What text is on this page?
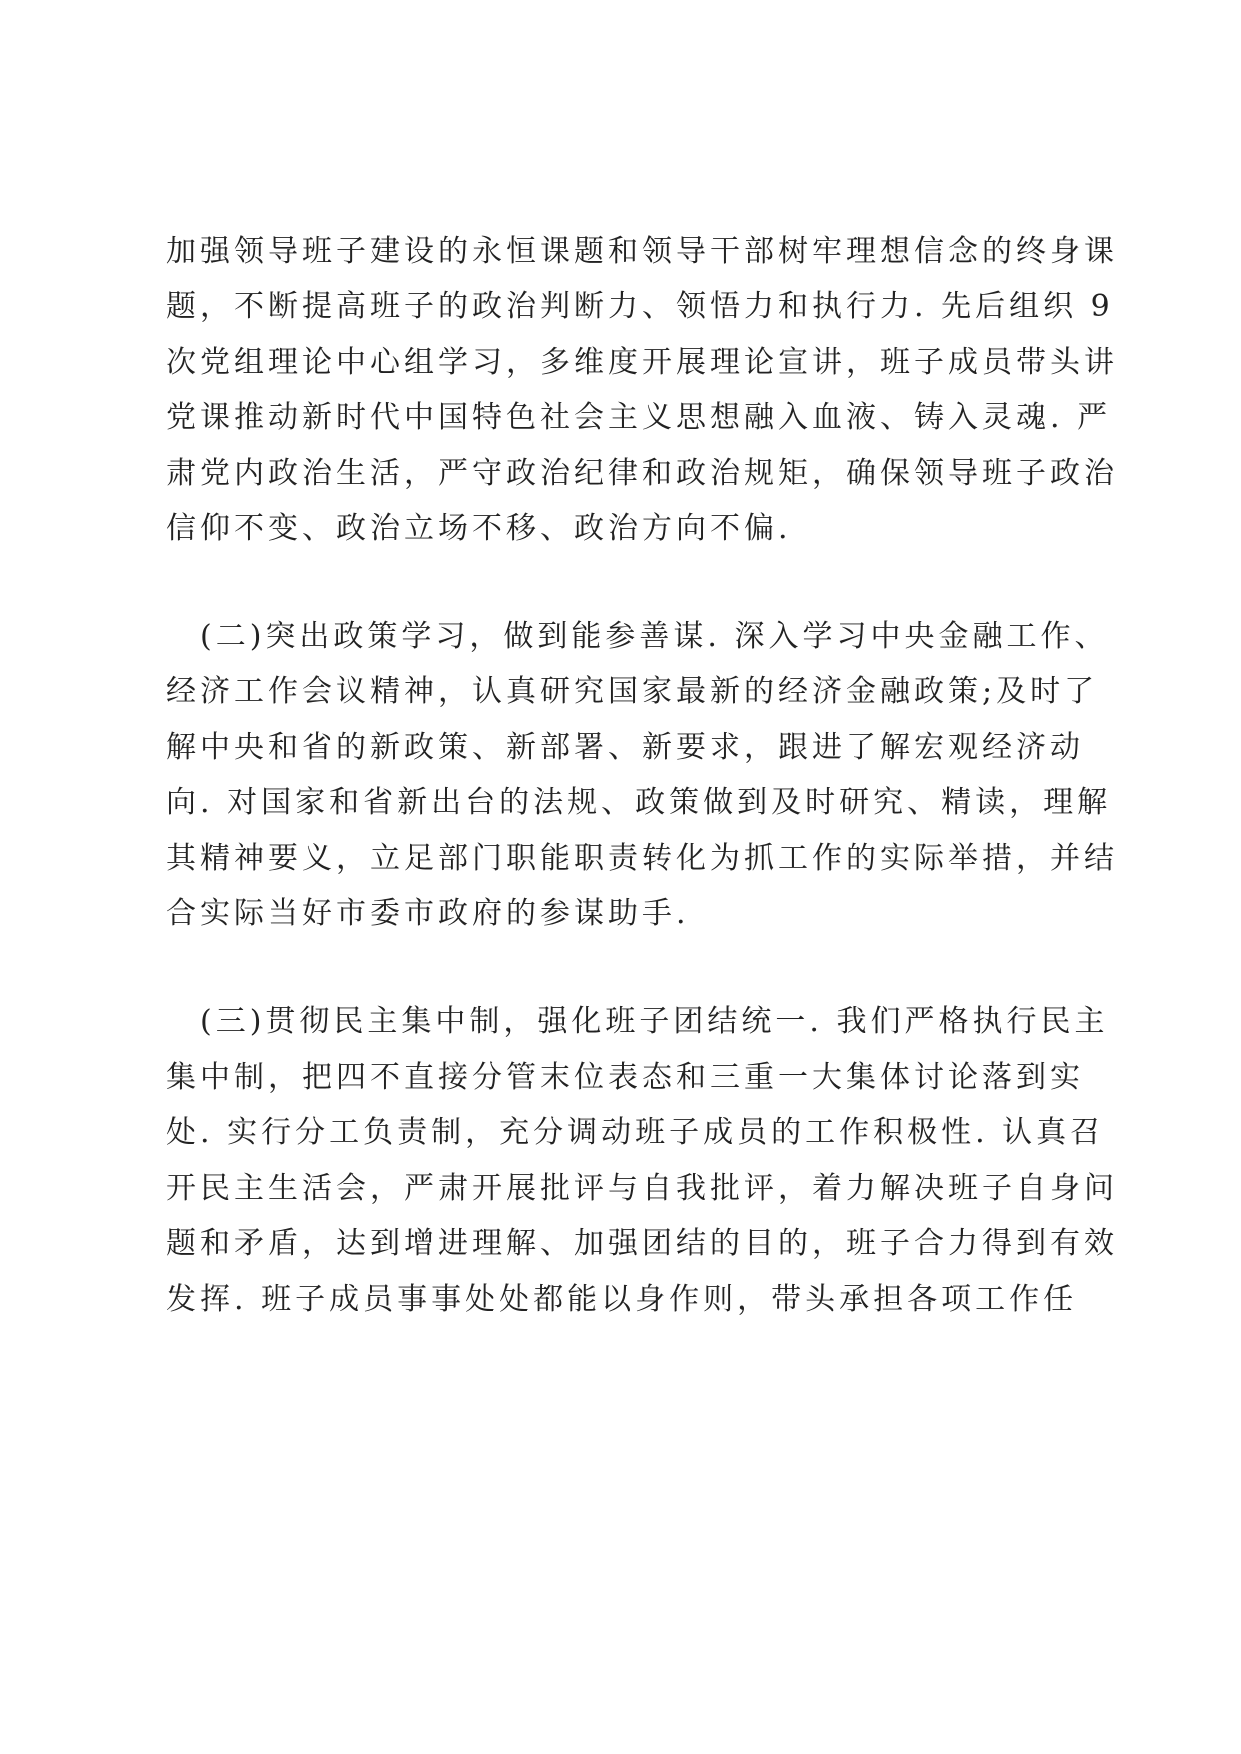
加强领导班子建设的永恒课题和领导干部树牢理想信念的终身课
题，不断提高班子的政治判断力、领悟力和执行力. 先后组织 9
次党组理论中心组学习，多维度开展理论宣讲，班子成员带头讲
党课推动新时代中国特色社会主义思想融入血液、铸入灵魂. 严
肃党内政治生活，严守政治纪律和政治规矩，确保领导班子政治
信仰不变、政治立场不移、政治方向不偏.
(二)突出政策学习，做到能参善谋. 深入学习中央金融工作、
经济工作会议精神，认真研究国家最新的经济金融政策;及时了
解中央和省的新政策、新部署、新要求，跟进了解宏观经济动
向. 对国家和省新出台的法规、政策做到及时研究、精读，理解
其精神要义，立足部门职能职责转化为抓工作的实际举措，并结
合实际当好市委市政府的参谋助手.
(三)贯彻民主集中制，强化班子团结统一. 我们严格执行民主
集中制，把四不直接分管末位表态和三重一大集体讨论落到实
处. 实行分工负责制，充分调动班子成员的工作积极性. 认真召
开民主生活会，严肃开展批评与自我批评，着力解决班子自身问
题和矛盾，达到增进理解、加强团结的目的，班子合力得到有效
发挥. 班子成员事事处处都能以身作则，带头承担各项工作任
